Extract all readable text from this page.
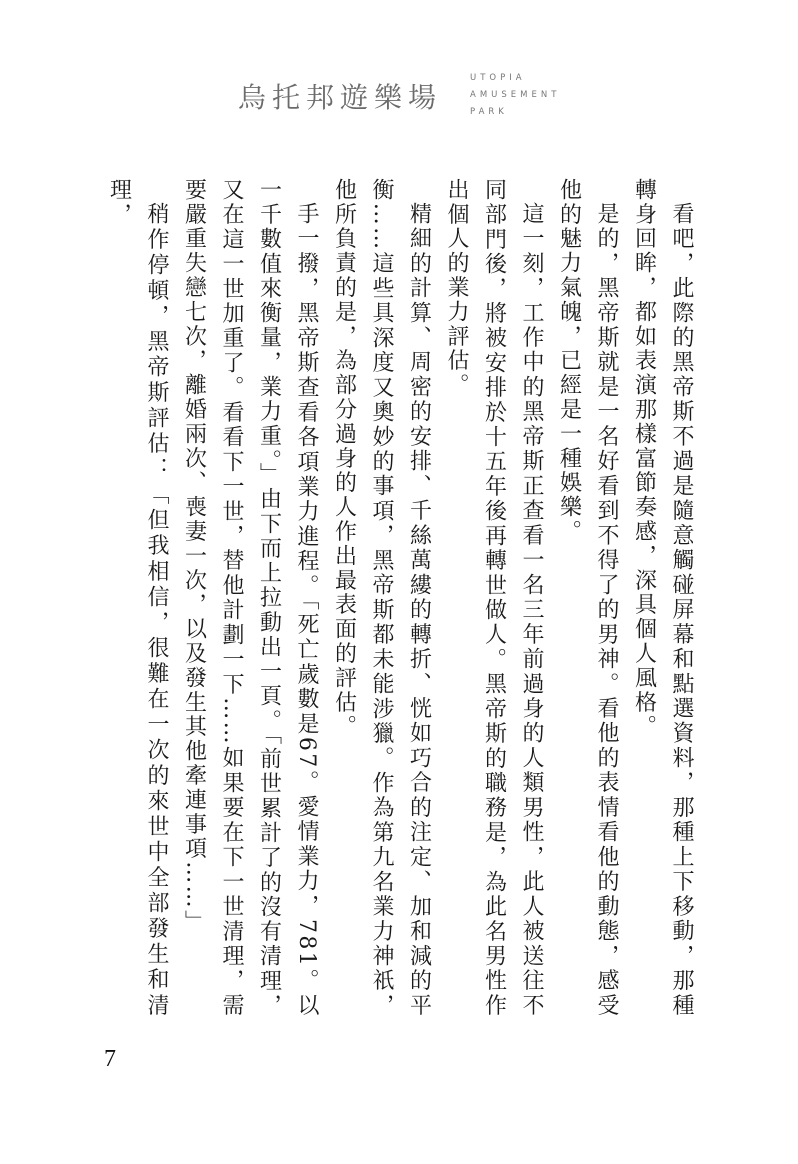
烏托邦遊樂場
UTOPIA
AMUSEMENT
PARK

看吧，此際的黑帝斯不過是隨意觸碰屏幕和點選資料，那種上下移動，那種轉身回眸，都如表演那樣富節奏感，深具個人風格。

是的，黑帝斯就是一名好看到不得了的男神。看他的表情看他的動態，感受他的魅力氣魄，已經是一種娛樂。

這一刻，工作中的黑帝斯正查看一名三年前過身的人類男性，此人被送往不同部門後，將被安排於十五年後再轉世做人。黑帝斯的職務是，為此名男性作出個人的業力評估。

精細的計算、周密的安排、千絲萬縷的轉折、恍如巧合的注定、加和減的平衡……這些具深度又奧妙的事項，黑帝斯都未能涉獵。作為第九名業力神祇，他所負責的是，為部分過身的人作出最表面的評估。

手一撥，黑帝斯查看各項業力進程。「死亡歲數是67。愛情業力，781。以一千數值來衡量，業力重。」由下而上拉動出一頁。「前世累計了的沒有清理，又在這一世加重了。看看下一世，替他計劃一下……如果要在下一世清理，需要嚴重失戀七次，離婚兩次、喪妻一次，以及發生其他牽連事項……」

稍作停頓，黑帝斯評估：「但我相信，很難在一次的來世中全部發生和清理，

7
